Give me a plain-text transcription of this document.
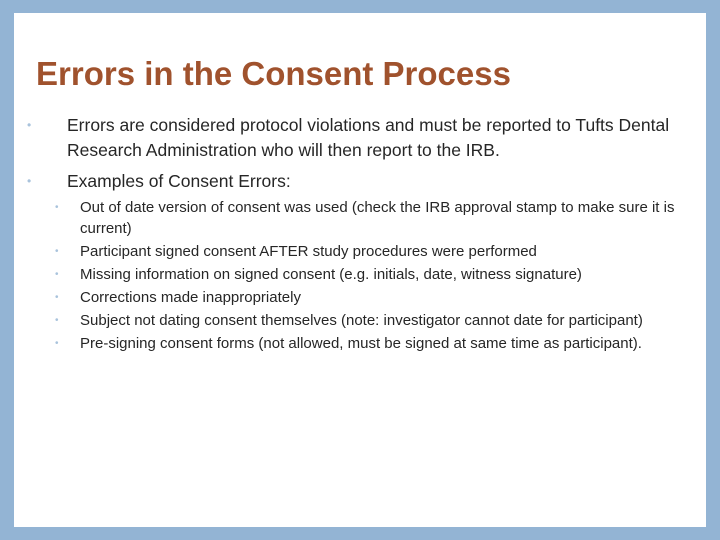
Errors in the Consent Process
• Errors are considered protocol violations and must be reported to Tufts Dental Research Administration who will then report to the IRB.
• Examples of Consent Errors:
• Out of date version of consent was used (check the IRB approval stamp to make sure it is current)
• Participant signed consent AFTER study procedures were performed
• Missing information on signed consent (e.g. initials, date, witness signature)
• Corrections made inappropriately
• Subject not dating consent themselves (note: investigator cannot date for participant)
• Pre-signing consent forms (not allowed, must be signed at same time as participant).
